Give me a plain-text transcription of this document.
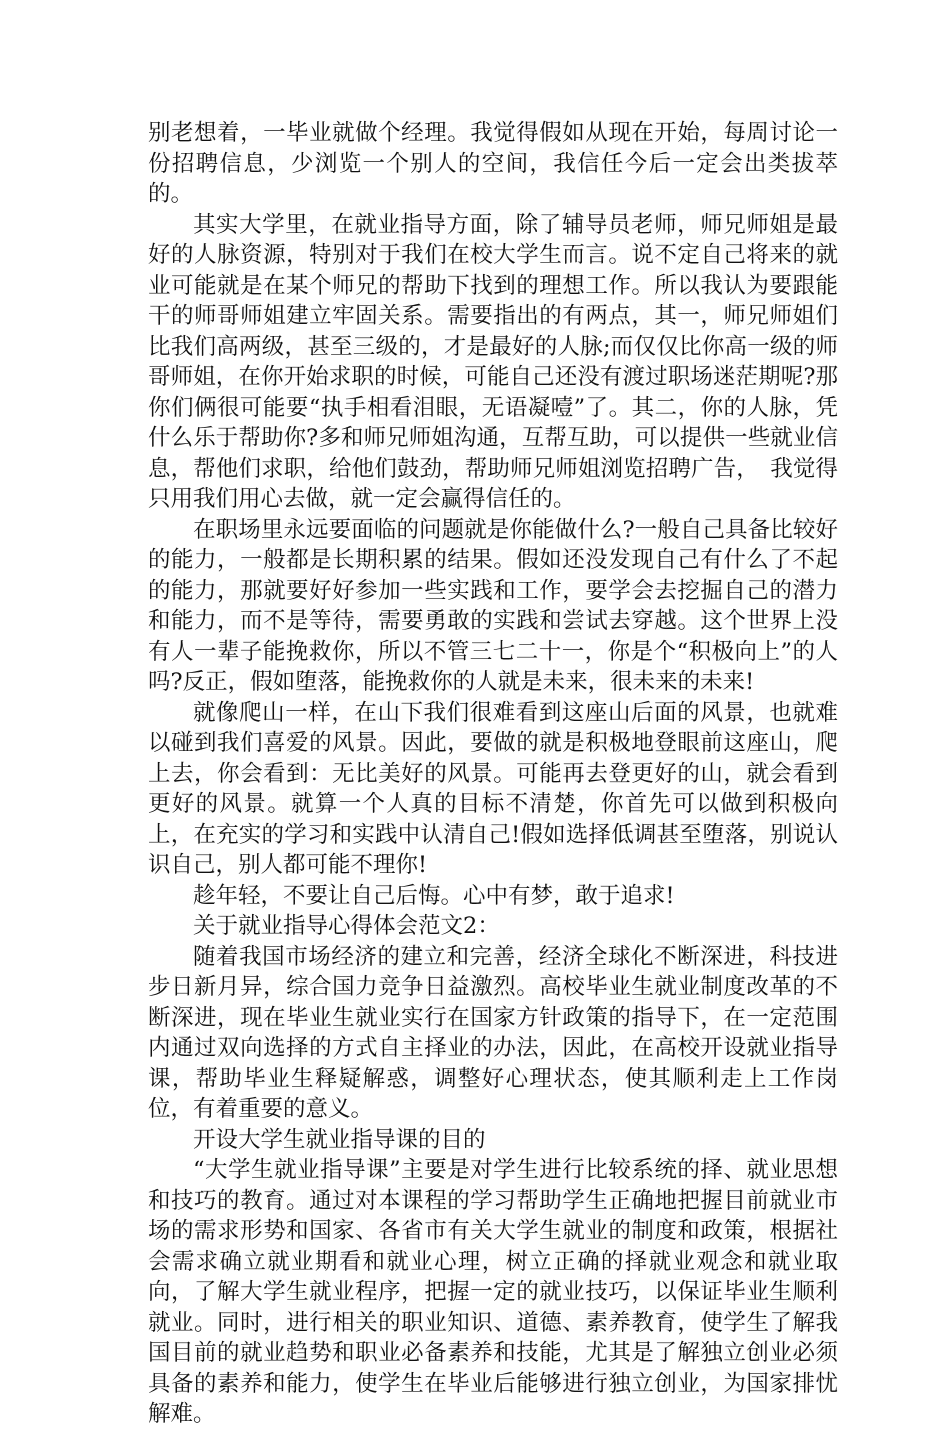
别老想着，一毕业就做个经理。我觉得假如从现在开始，每周讨论一份招聘信息，少浏览一个别人的空间，我信任今后一定会出类拔萃的。

其实大学里，在就业指导方面，除了辅导员老师，师兄师姐是最好的人脉资源，特别对于我们在校大学生而言。说不定自己将来的就业可能就是在某个师兄的帮助下找到的理想工作。所以我认为要跟能干的师哥师姐建立牢固关系。需要指出的有两点，其一，师兄师姐们比我们高两级，甚至三级的，才是最好的人脉;而仅仅比你高一级的师哥师姐，在你开始求职的时候，可能自己还没有渡过职场迷茫期呢?那你们俩很可能要“执手相看泪眼，无语凝噎”了。其二，你的人脉，凭什么乐于帮助你?多和师兄师姐沟通，互帮互助，可以提供一些就业信息，帮他们求职，给他们鼓劲，帮助师兄师姐浏览招聘广告，　我觉得只用我们用心去做，就一定会赢得信任的。

在职场里永远要面临的问题就是你能做什么?一般自己具备比较好的能力，一般都是长期积累的结果。假如还没发现自己有什么了不起的能力，那就要好好参加一些实践和工作，要学会去挖掘自己的潜力和能力，而不是等待，需要勇敢的实践和尝试去穿越。这个世界上没有人一辈子能挽救你，所以不管三七二十一，你是个“积极向上”的人吗?反正，假如堕落，能挽救你的人就是未来，很未来的未来!

就像爬山一样，在山下我们很难看到这座山后面的风景，也就难以碰到我们喜爱的风景。因此，要做的就是积极地登眼前这座山，爬上去，你会看到：无比美好的风景。可能再去登更好的山，就会看到更好的风景。就算一个人真的目标不清楚，你首先可以做到积极向上，在充实的学习和实践中认清自己!假如选择低调甚至堕落，别说认识自己，别人都可能不理你!

趁年轻，不要让自己后悔。心中有梦，敢于追求!

关于就业指导心得体会范文2：

随着我国市场经济的建立和完善，经济全球化不断深进，科技进步日新月异，综合国力竞争日益激烈。高校毕业生就业制度改革的不断深进，现在毕业生就业实行在国家方针政策的指导下，在一定范围内通过双向选择的方式自主择业的办法，因此，在高校开设就业指导课，帮助毕业生释疑解惑，调整好心理状态，使其顺利走上工作岗位，有着重要的意义。

开设大学生就业指导课的目的

“大学生就业指导课”主要是对学生进行比较系统的择、就业思想和技巧的教育。通过对本课程的学习帮助学生正确地把握目前就业市场的需求形势和国家、各省市有关大学生就业的制度和政策，根据社会需求确立就业期看和就业心理，树立正确的择就业观念和就业取向，了解大学生就业程序，把握一定的就业技巧，以保证毕业生顺利就业。同时，进行相关的职业知识、道德、素养教育，使学生了解我国目前的就业趋势和职业必备素养和技能，尤其是了解独立创业必须具备的素养和能力，使学生在毕业后能够进行独立创业，为国家排忧解难。
